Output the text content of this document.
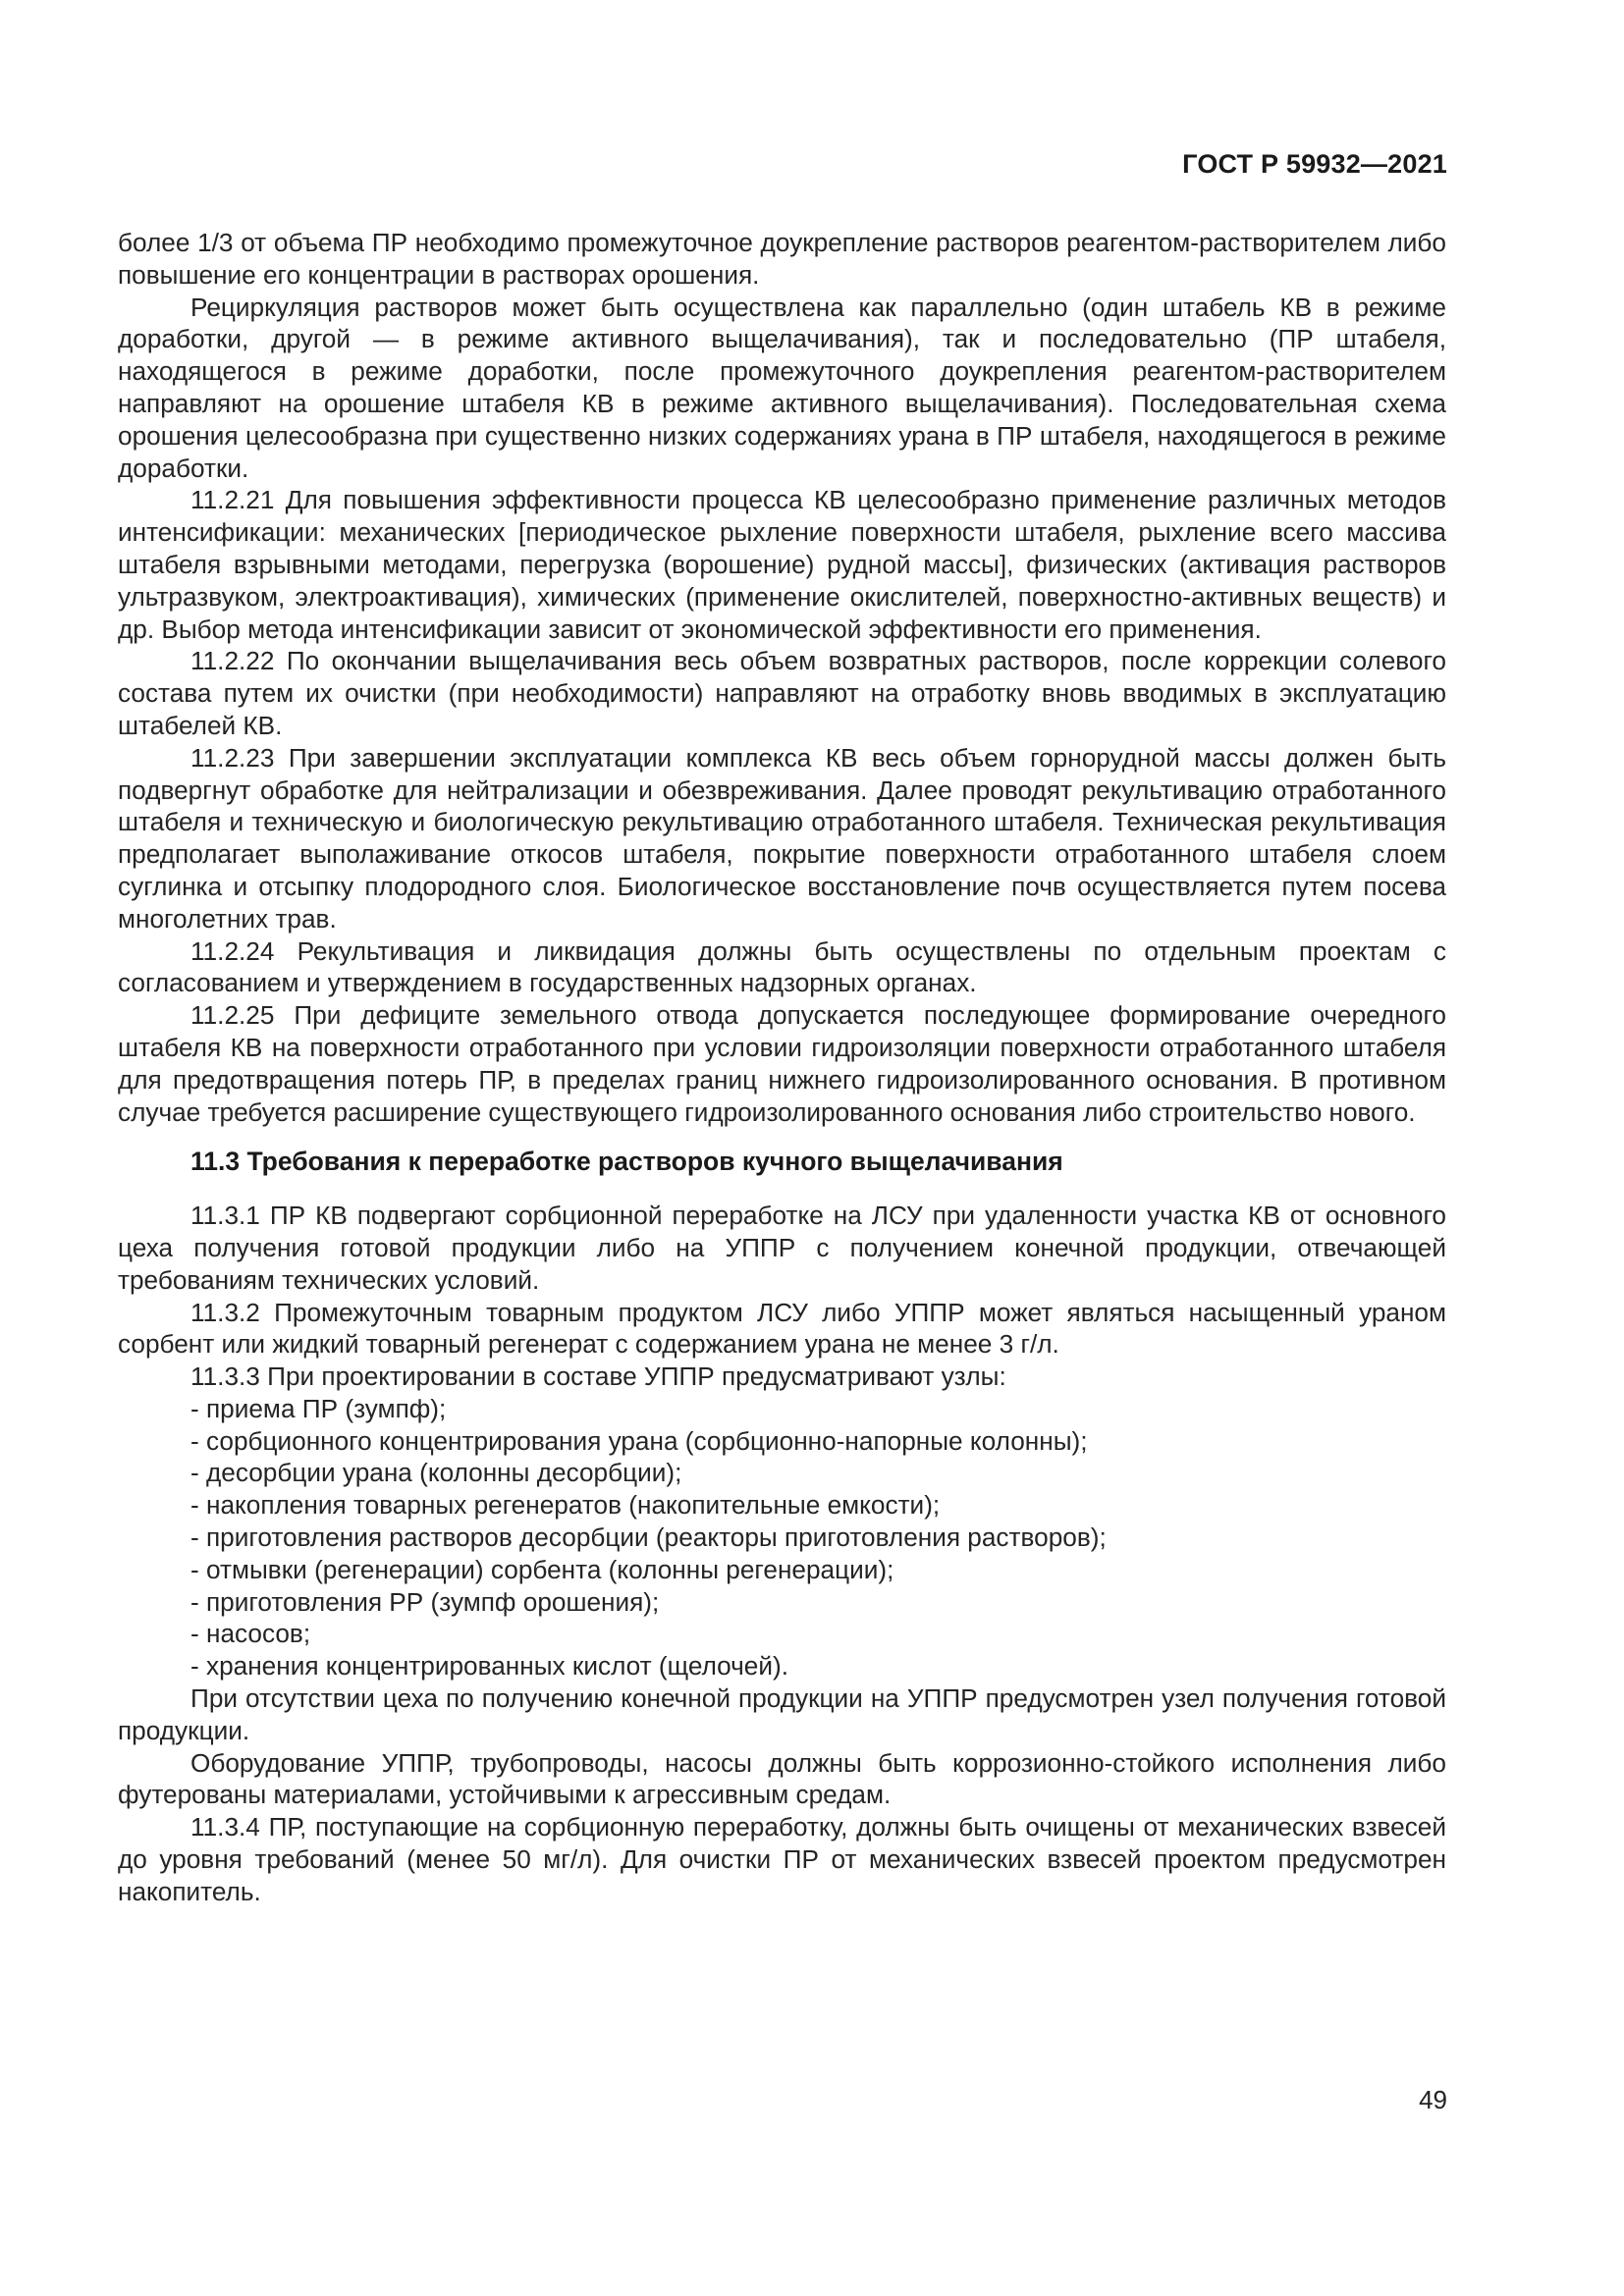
ГОСТ Р 59932—2021

более 1/3 от объема ПР необходимо промежуточное доукрепление растворов реагентом-растворителем либо повышение его концентрации в растворах орошения.

Рециркуляция растворов может быть осуществлена как параллельно (один штабель КВ в режиме доработки, другой — в режиме активного выщелачивания), так и последовательно (ПР штабеля, находящегося в режиме доработки, после промежуточного доукрепления реагентом-растворителем направляют на орошение штабеля КВ в режиме активного выщелачивания). Последовательная схема орошения целесообразна при существенно низких содержаниях урана в ПР штабеля, находящегося в режиме доработки.

11.2.21 Для повышения эффективности процесса КВ целесообразно применение различных методов интенсификации: механических [периодическое рыхление поверхности штабеля, рыхление всего массива штабеля взрывными методами, перегрузка (ворошение) рудной массы], физических (активация растворов ультразвуком, электроактивация), химических (применение окислителей, поверхностно-активных веществ) и др. Выбор метода интенсификации зависит от экономической эффективности его применения.

11.2.22 По окончании выщелачивания весь объем возвратных растворов, после коррекции солевого состава путем их очистки (при необходимости) направляют на отработку вновь вводимых в эксплуатацию штабелей КВ.

11.2.23 При завершении эксплуатации комплекса КВ весь объем горнорудной массы должен быть подвергнут обработке для нейтрализации и обезвреживания. Далее проводят рекультивацию отработанного штабеля и техническую и биологическую рекультивацию отработанного штабеля. Техническая рекультивация предполагает выполаживание откосов штабеля, покрытие поверхности отработанного штабеля слоем суглинка и отсыпку плодородного слоя. Биологическое восстановление почв осуществляется путем посева многолетних трав.

11.2.24 Рекультивация и ликвидация должны быть осуществлены по отдельным проектам с согласованием и утверждением в государственных надзорных органах.

11.2.25 При дефиците земельного отвода допускается последующее формирование очередного штабеля КВ на поверхности отработанного при условии гидроизоляции поверхности отработанного штабеля для предотвращения потерь ПР, в пределах границ нижнего гидроизолированного основания. В противном случае требуется расширение существующего гидроизолированного основания либо строительство нового.

11.3 Требования к переработке растворов кучного выщелачивания

11.3.1 ПР КВ подвергают сорбционной переработке на ЛСУ при удаленности участка КВ от основного цеха получения готовой продукции либо на УППР с получением конечной продукции, отвечающей требованиям технических условий.

11.3.2 Промежуточным товарным продуктом ЛСУ либо УППР может являться насыщенный ураном сорбент или жидкий товарный регенерат с содержанием урана не менее 3 г/л.

11.3.3 При проектировании в составе УППР предусматривают узлы:

- приема ПР (зумпф);
- сорбционного концентрирования урана (сорбционно-напорные колонны);
- десорбции урана (колонны десорбции);
- накопления товарных регенератов (накопительные емкости);
- приготовления растворов десорбции (реакторы приготовления растворов);
- отмывки (регенерации) сорбента (колонны регенерации);
- приготовления РР (зумпф орошения);
- насосов;
- хранения концентрированных кислот (щелочей).

При отсутствии цеха по получению конечной продукции на УППР предусмотрен узел получения готовой продукции.

Оборудование УППР, трубопроводы, насосы должны быть коррозионно-стойкого исполнения либо футерованы материалами, устойчивыми к агрессивным средам.

11.3.4 ПР, поступающие на сорбционную переработку, должны быть очищены от механических взвесей до уровня требований (менее 50 мг/л). Для очистки ПР от механических взвесей проектом предусмотрен накопитель.

49
